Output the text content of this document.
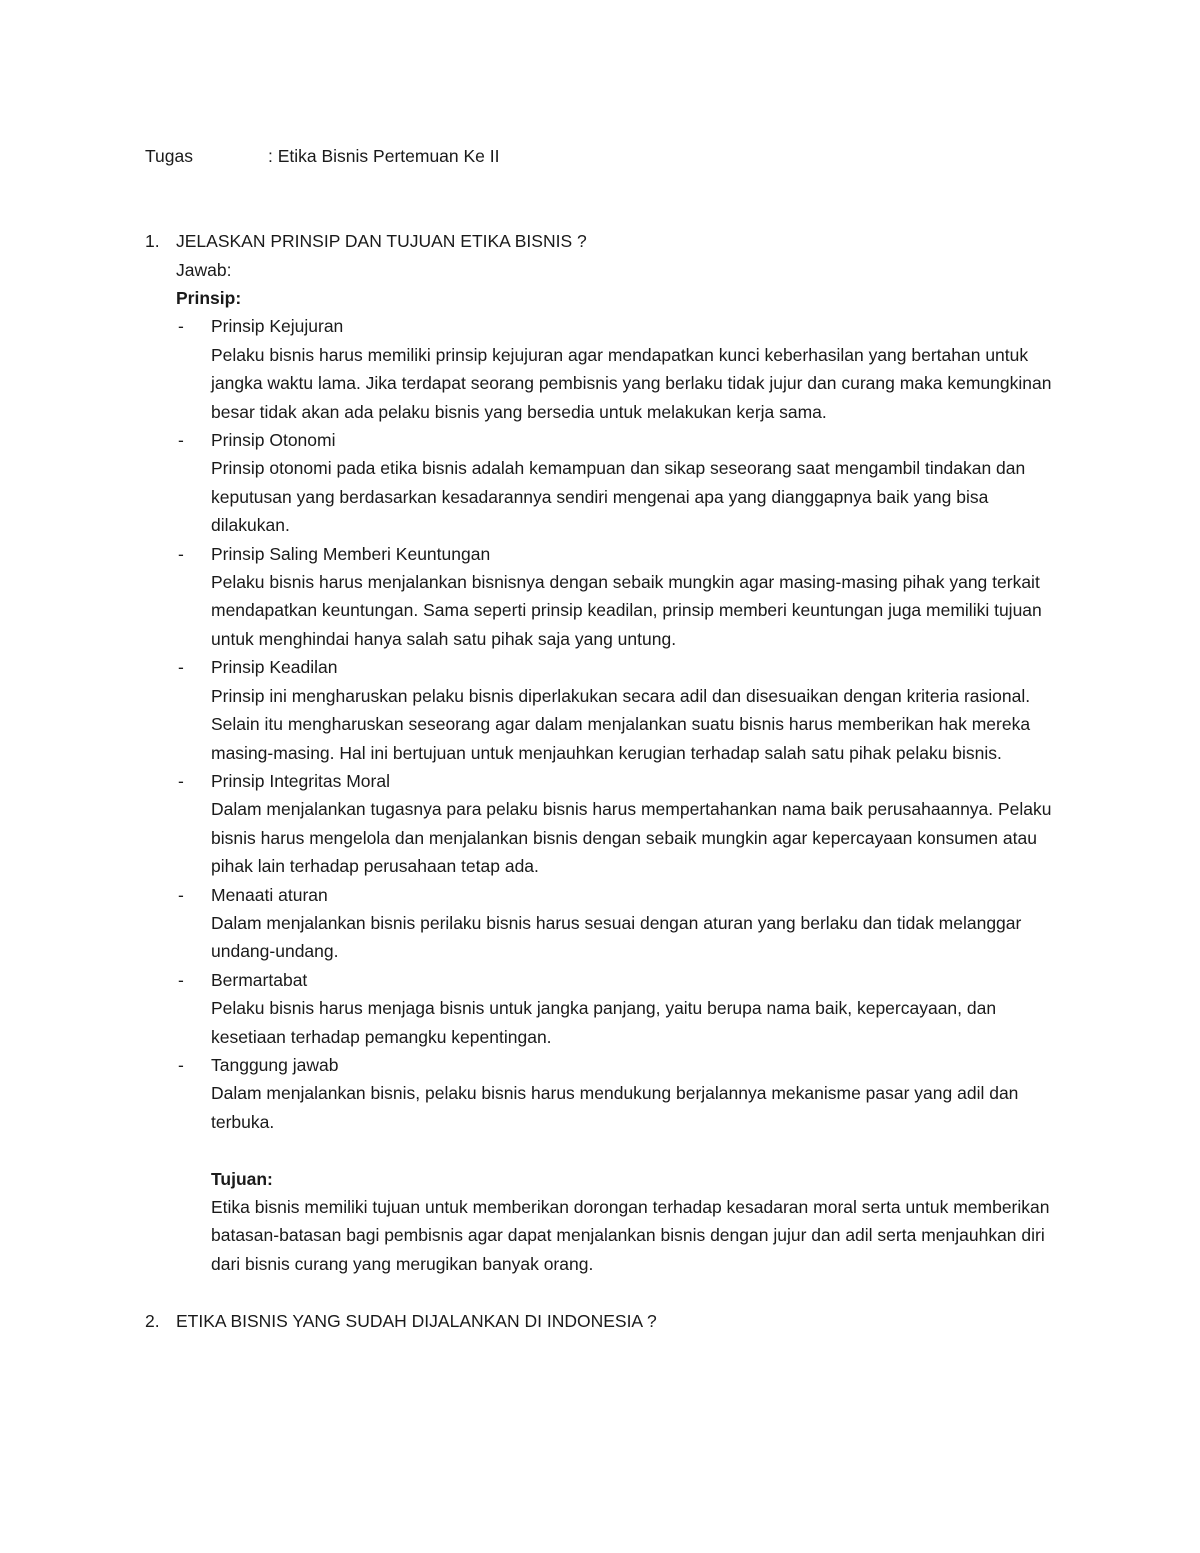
Tugas	: Etika Bisnis Pertemuan Ke II
1. JELASKAN PRINSIP DAN TUJUAN ETIKA BISNIS ?

Jawab:

Prinsip:

-	Prinsip Kejujuran

Pelaku bisnis harus memiliki prinsip kejujuran agar mendapatkan kunci keberhasilan yang bertahan untuk jangka waktu lama. Jika terdapat seorang pembisnis yang berlaku tidak jujur dan curang maka kemungkinan besar tidak akan ada pelaku bisnis yang bersedia untuk melakukan kerja sama.

-	Prinsip Otonomi

Prinsip otonomi pada etika bisnis adalah kemampuan dan sikap seseorang saat mengambil tindakan dan keputusan yang berdasarkan kesadarannya sendiri mengenai apa yang dianggapnya baik yang bisa dilakukan.

-	Prinsip Saling Memberi Keuntungan

Pelaku bisnis harus menjalankan bisnisnya dengan sebaik mungkin agar masing-masing pihak yang terkait mendapatkan keuntungan. Sama seperti prinsip keadilan, prinsip memberi keuntungan juga memiliki tujuan untuk menghindai hanya salah satu pihak saja yang untung.

-	Prinsip Keadilan

Prinsip ini mengharuskan pelaku bisnis diperlakukan secara adil dan disesuaikan dengan kriteria rasional. Selain itu mengharuskan seseorang agar dalam menjalankan suatu bisnis harus memberikan hak mereka masing-masing. Hal ini bertujuan untuk menjauhkan kerugian terhadap salah satu pihak pelaku bisnis.

-	Prinsip Integritas Moral

Dalam menjalankan tugasnya para pelaku bisnis harus mempertahankan nama baik perusahaannya. Pelaku bisnis harus mengelola dan menjalankan bisnis dengan sebaik mungkin agar kepercayaan konsumen atau pihak lain terhadap perusahaan tetap ada.

-	Menaati aturan

Dalam menjalankan bisnis perilaku bisnis harus sesuai dengan aturan yang berlaku dan tidak melanggar undang-undang.

-	Bermartabat

Pelaku bisnis harus menjaga bisnis untuk jangka panjang, yaitu berupa nama baik, kepercayaan, dan kesetiaan terhadap pemangku kepentingan.

-	Tanggung jawab

Dalam menjalankan bisnis, pelaku bisnis harus mendukung berjalannya mekanisme pasar yang adil dan terbuka.

Tujuan:

Etika bisnis memiliki tujuan untuk memberikan dorongan terhadap kesadaran moral serta untuk memberikan batasan-batasan bagi pembisnis agar dapat menjalankan bisnis dengan jujur dan adil serta menjauhkan diri dari bisnis curang yang merugikan banyak orang.

2. ETIKA BISNIS YANG SUDAH DIJALANKAN DI INDONESIA ?
